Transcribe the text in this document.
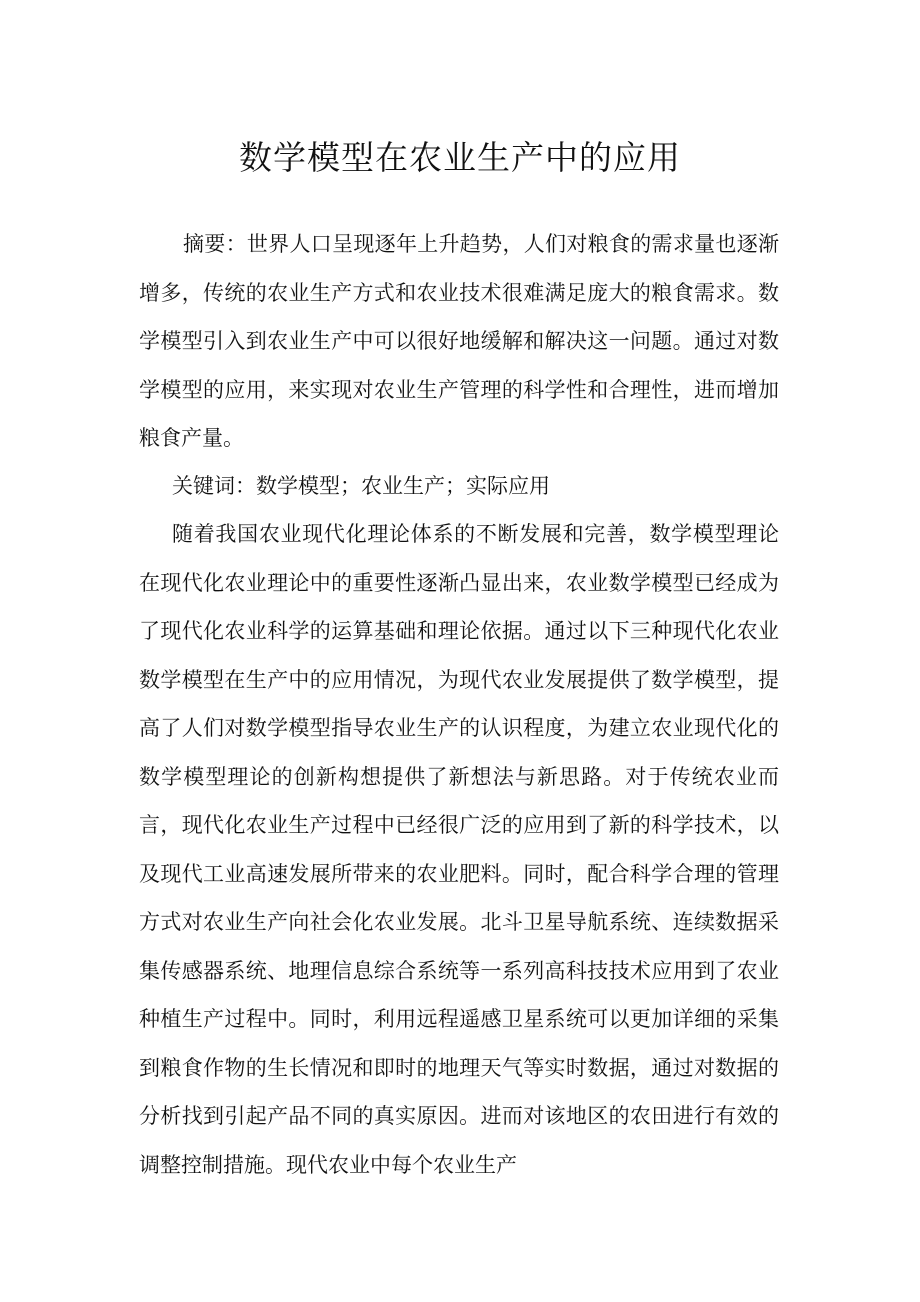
数学模型在农业生产中的应用

摘要：世界人口呈现逐年上升趋势，人们对粮食的需求量也逐渐增多，传统的农业生产方式和农业技术很难满足庞大的粮食需求。数学模型引入到农业生产中可以很好地缓解和解决这一问题。通过对数学模型的应用，来实现对农业生产管理的科学性和合理性，进而增加粮食产量。

关键词：数学模型；农业生产；实际应用

随着我国农业现代化理论体系的不断发展和完善，数学模型理论在现代化农业理论中的重要性逐渐凸显出来，农业数学模型已经成为了现代化农业科学的运算基础和理论依据。通过以下三种现代化农业数学模型在生产中的应用情况，为现代农业发展提供了数学模型，提高了人们对数学模型指导农业生产的认识程度，为建立农业现代化的数学模型理论的创新构想提供了新想法与新思路。对于传统农业而言，现代化农业生产过程中已经很广泛的应用到了新的科学技术，以及现代工业高速发展所带来的农业肥料。同时，配合科学合理的管理方式对农业生产向社会化农业发展。北斗卫星导航系统、连续数据采集传感器系统、地理信息综合系统等一系列高科技技术应用到了农业种植生产过程中。同时，利用远程遥感卫星系统可以更加详细的采集到粮食作物的生长情况和即时的地理天气等实时数据，通过对数据的分析找到引起产品不同的真实原因。进而对该地区的农田进行有效的调整控制措施。现代农业中每个农业生产
